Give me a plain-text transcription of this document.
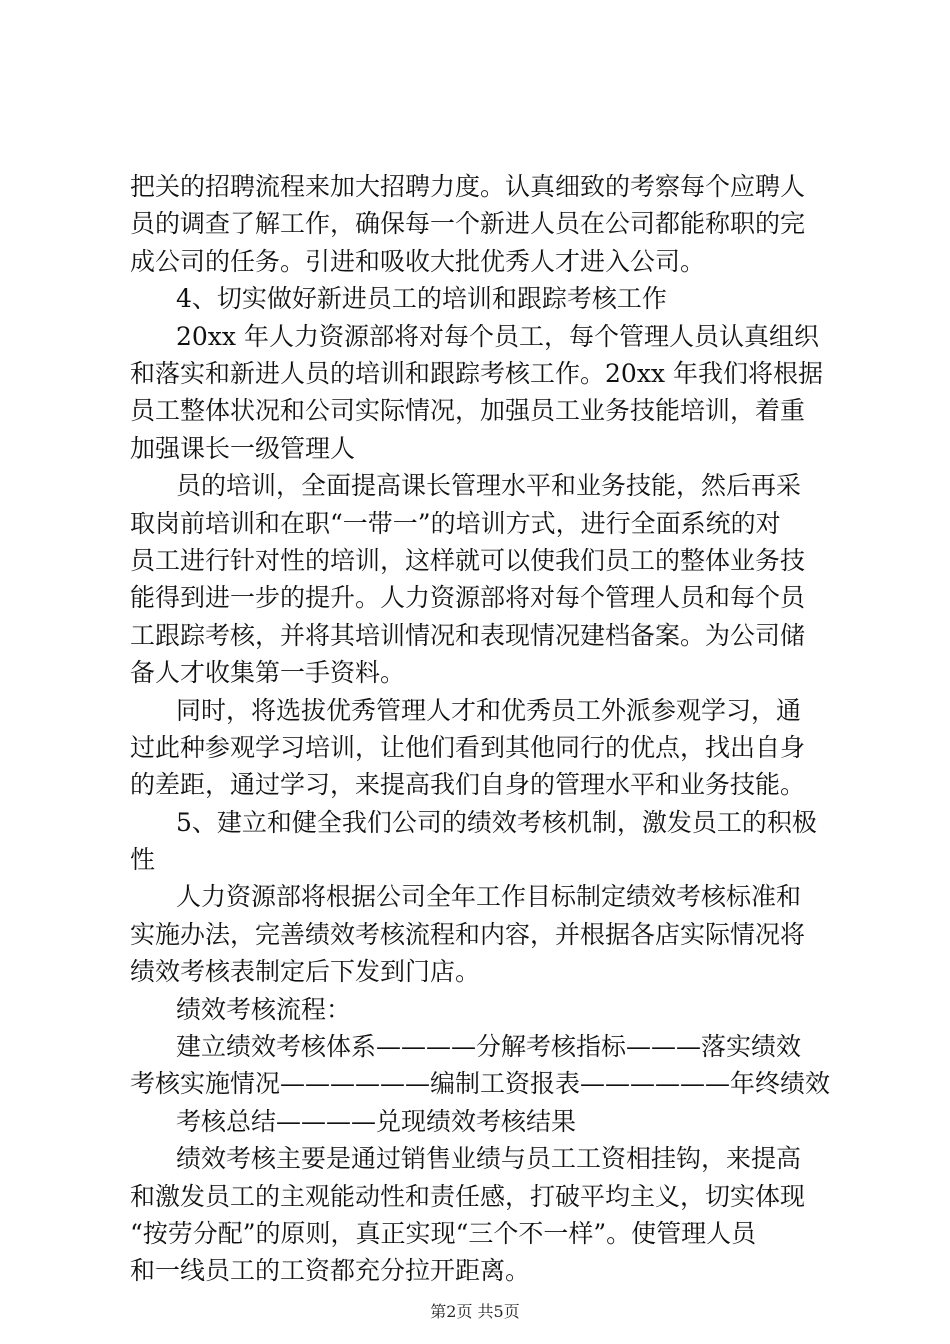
把关的招聘流程来加大招聘力度。认真细致的考察每个应聘人
员的调查了解工作，确保每一个新进人员在公司都能称职的完
成公司的任务。引进和吸收大批优秀人才进入公司。
4、切实做好新进员工的培训和跟踪考核工作
20xx 年人力资源部将对每个员工，每个管理人员认真组织
和落实和新进人员的培训和跟踪考核工作。20xx 年我们将根据
员工整体状况和公司实际情况，加强员工业务技能培训，着重
加强课长一级管理人
员的培训，全面提高课长管理水平和业务技能，然后再采
取岗前培训和在职“一带一”的培训方式，进行全面系统的对
员工进行针对性的培训，这样就可以使我们员工的整体业务技
能得到进一步的提升。人力资源部将对每个管理人员和每个员
工跟踪考核，并将其培训情况和表现情况建档备案。为公司储
备人才收集第一手资料。
同时，将选拔优秀管理人才和优秀员工外派参观学习，通
过此种参观学习培训，让他们看到其他同行的优点，找出自身
的差距，通过学习，来提高我们自身的管理水平和业务技能。
5、建立和健全我们公司的绩效考核机制，激发员工的积极
性
人力资源部将根据公司全年工作目标制定绩效考核标准和
实施办法，完善绩效考核流程和内容，并根据各店实际情况将
绩效考核表制定后下发到门店。
绩效考核流程：
建立绩效考核体系————分解考核指标———落实绩效
考核实施情况——————编制工资报表——————年终绩效
考核总结————兑现绩效考核结果
绩效考核主要是通过销售业绩与员工工资相挂钩，来提高
和激发员工的主观能动性和责任感，打破平均主义，切实体现
“按劳分配”的原则，真正实现“三个不一样”。使管理人员
和一线员工的工资都充分拉开距离。
第2页 共5页
